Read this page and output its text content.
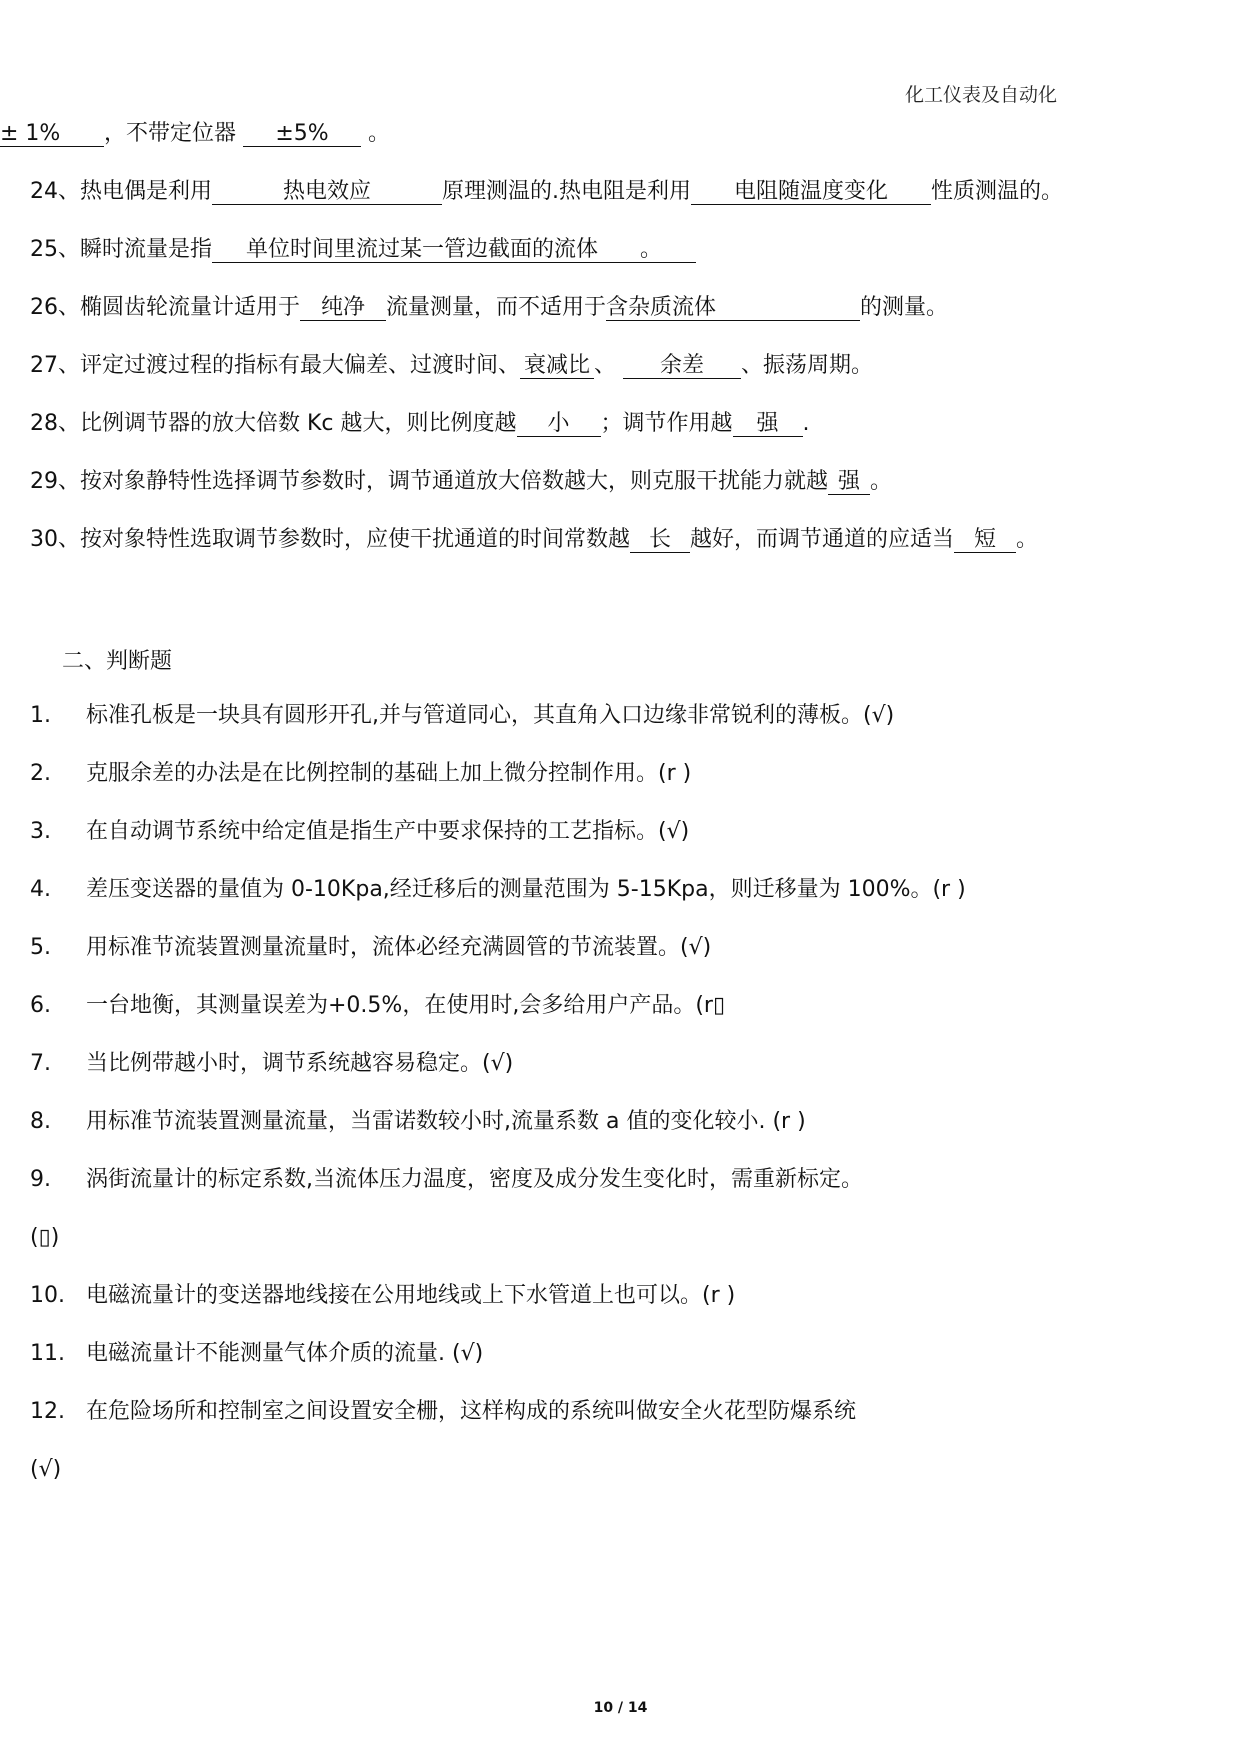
化工仪表及自动化
± 1% ，不带定位器 ±5% 。
24、热电偶是利用	热电效应	原理测温的.热电阻是利用 电阻随温度变化 性质测温的。
25、瞬时流量是指 单位时间里流过某一管边截面的流体 。
26、椭圆齿轮流量计适用于 纯净 流量测量，而不适用于含杂质流体	的测量。
27、评定过渡过程的指标有最大偏差、过渡时间、 衰减比 、 余差 、振荡周期。
28、比例调节器的放大倍数 Kc 越大，则比例度越 小 ；调节作用越 强 .
29、按对象静特性选择调节参数时，调节通道放大倍数越大，则克服干扰能力就越 强 。
30、按对象特性选取调节参数时，应使干扰通道的时间常数越 长 越好，而调节通道的应适当 短 。
二、判断题
1. 标准孔板是一块具有圆形开孔,并与管道同心，其直角入口边缘非常锐利的薄板。(√)
2. 克服余差的办法是在比例控制的基础上加上微分控制作用。(r )
3. 在自动调节系统中给定值是指生产中要求保持的工艺指标。(√)
4. 差压变送器的量值为 0-10Kpa,经迁移后的测量范围为 5-15Kpa，则迁移量为 100%。(r )
5. 用标准节流装置测量流量时，流体必经充满圆管的节流装置。(√)
6. 一台地衡，其测量误差为+0.5%，在使用时,会多给用户产品。(r▯
7. 当比例带越小时，调节系统越容易稳定。(√)
8. 用标准节流装置测量流量，当雷诺数较小时,流量系数 a 值的变化较小. (r )
9. 涡街流量计的标定系数,当流体压力温度，密度及成分发生变化时，需重新标定。
(▯)
10. 电磁流量计的变送器地线接在公用地线或上下水管道上也可以。(r )
11. 电磁流量计不能测量气体介质的流量. (√)
12. 在危险场所和控制室之间设置安全栅，这样构成的系统叫做安全火花型防爆系统
(√)
10 / 14
